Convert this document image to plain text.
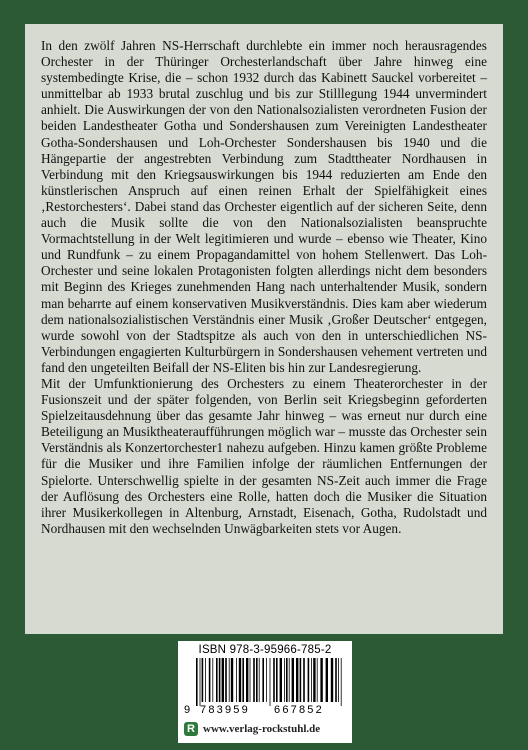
In den zwölf Jahren NS-Herrschaft durchlebte ein immer noch herausragendes Orchester in der Thüringer Orchesterlandschaft über Jahre hinweg eine systembedingte Krise, die – schon 1932 durch das Kabinett Sauckel vorbereitet – unmittelbar ab 1933 brutal zuschlug und bis zur Stilllegung 1944 unvermindert anhielt. Die Auswirkungen der von den Nationalsozialisten verordneten Fusion der beiden Landestheater Gotha und Sondershausen zum Vereinigten Landestheater Gotha-Sondershausen und Loh-Orchester Sondershausen bis 1940 und die Hängepartie der angestrebten Verbindung zum Stadttheater Nordhausen in Verbindung mit den Kriegsauswirkungen bis 1944 reduzierten am Ende den künstlerischen Anspruch auf einen reinen Erhalt der Spielfähigkeit eines ‚Restorchesters‘. Dabei stand das Orchester eigentlich auf der sicheren Seite, denn auch die Musik sollte die von den Nationalsozialisten beanspruchte Vormachtstellung in der Welt legitimieren und wurde – ebenso wie Theater, Kino und Rundfunk – zu einem Propagandamittel von hohem Stellenwert. Das Loh-Orchester und seine lokalen Protagonisten folgten allerdings nicht dem besonders mit Beginn des Krieges zunehmenden Hang nach unterhaltender Musik, sondern man beharrte auf einem konservativen Musikverständnis. Dies kam aber wiederum dem nationalsozialistischen Verständnis einer Musik ‚Großer Deutscher‘ entgegen, wurde sowohl von der Stadtspitze als auch von den in unterschiedlichen NS-Verbindungen engagierten Kulturbürgern in Sondershausen vehement vertreten und fand den ungeteilten Beifall der NS-Eliten bis hin zur Landesregierung.

Mit der Umfunktionierung des Orchesters zu einem Theaterorchester in der Fusionszeit und der später folgenden, von Berlin seit Kriegsbeginn geforderten Spielzeitausdehnung über das gesamte Jahr hinweg – was erneut nur durch eine Beteiligung an Musiktheateraufführungen möglich war – musste das Orchester sein Verständnis als Konzertorchester1 nahezu aufgeben. Hinzu kamen größte Probleme für die Musiker und ihre Familien infolge der räumlichen Entfernungen der Spielorte. Unterschwellig spielte in der gesamten NS-Zeit auch immer die Frage der Auflösung des Orchesters eine Rolle, hatten doch die Musiker die Situation ihrer Musikerkollegen in Altenburg, Arnstadt, Eisenach, Gotha, Rudolstadt und Nordhausen mit den wechselnden Unwägbarkeiten stets vor Augen.

ISBN 978-3-95966-785-2
9 783959 667852
R www.verlag-rockstuhl.de
